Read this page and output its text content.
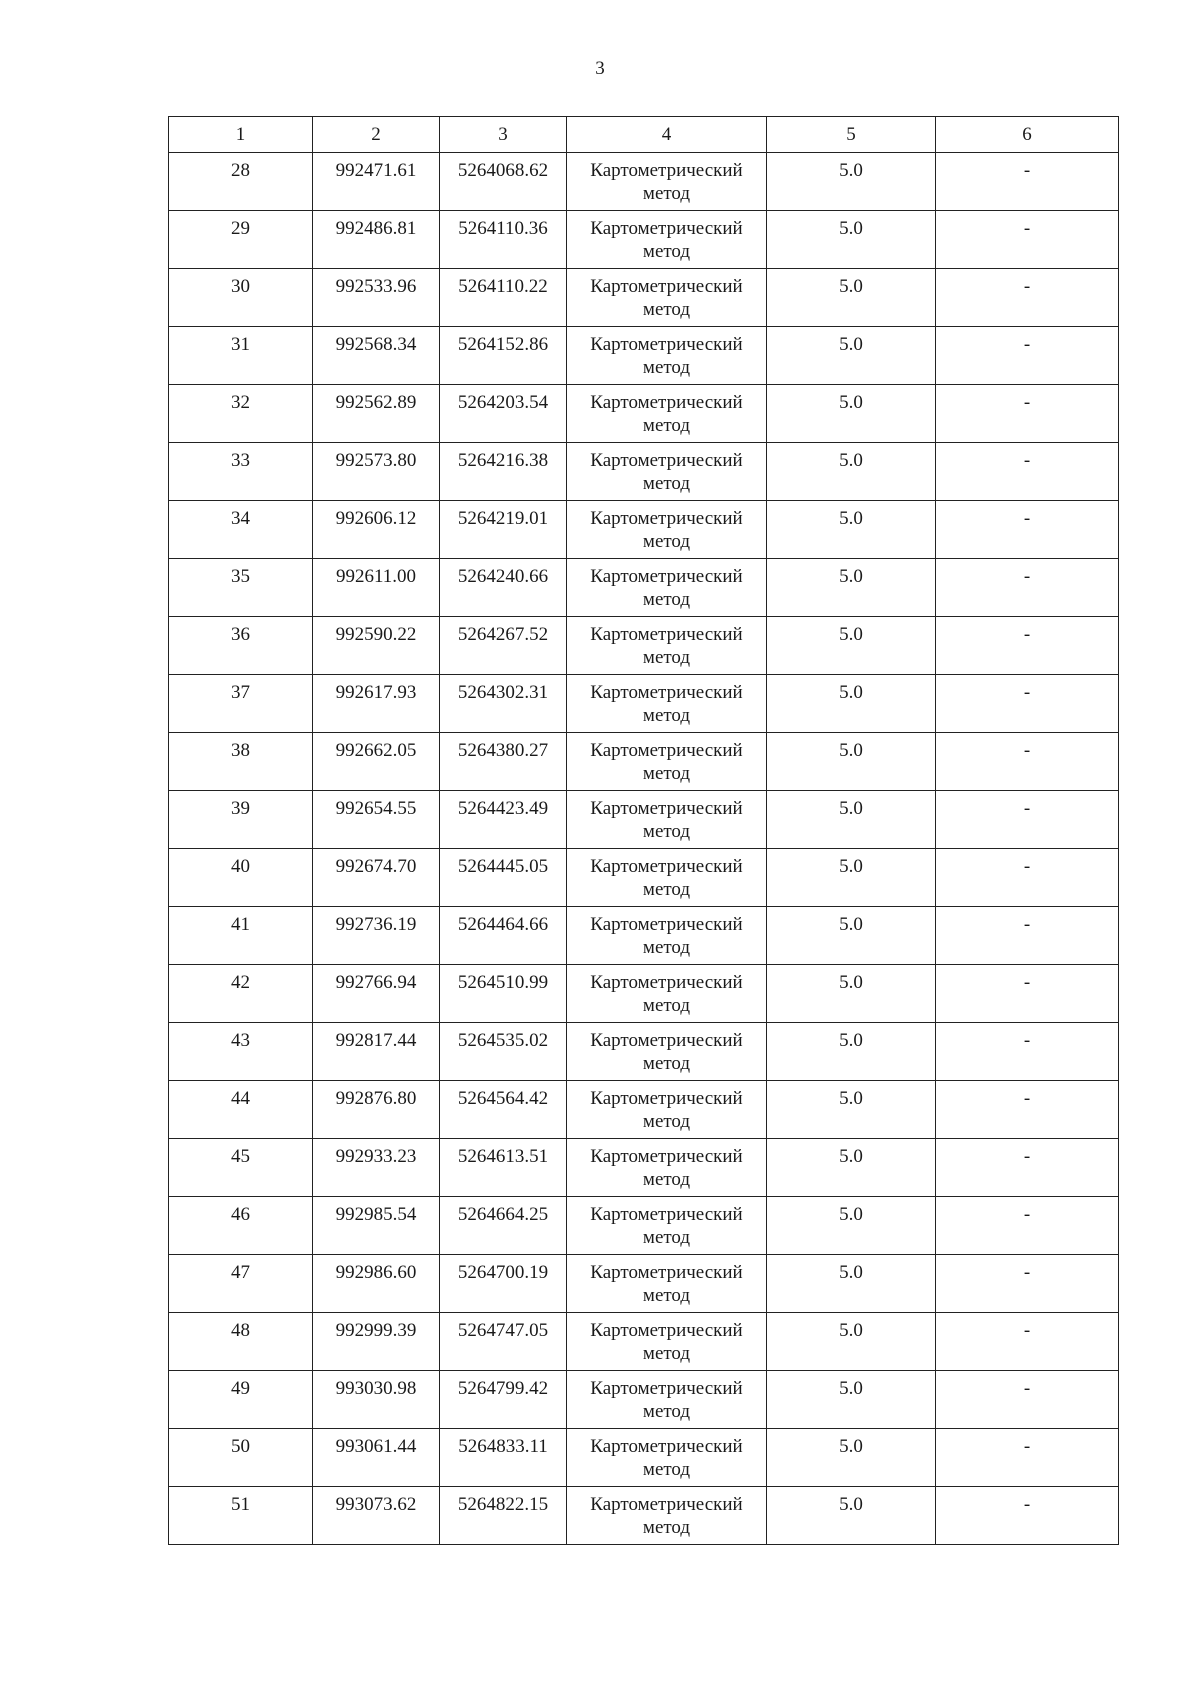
3
1	2	3	4	5	6
28	992471.61	5264068.62	Картометрический метод	5.0	-
29	992486.81	5264110.36	Картометрический метод	5.0	-
30	992533.96	5264110.22	Картометрический метод	5.0	-
31	992568.34	5264152.86	Картометрический метод	5.0	-
32	992562.89	5264203.54	Картометрический метод	5.0	-
33	992573.80	5264216.38	Картометрический метод	5.0	-
34	992606.12	5264219.01	Картометрический метод	5.0	-
35	992611.00	5264240.66	Картометрический метод	5.0	-
36	992590.22	5264267.52	Картометрический метод	5.0	-
37	992617.93	5264302.31	Картометрический метод	5.0	-
38	992662.05	5264380.27	Картометрический метод	5.0	-
39	992654.55	5264423.49	Картометрический метод	5.0	-
40	992674.70	5264445.05	Картометрический метод	5.0	-
41	992736.19	5264464.66	Картометрический метод	5.0	-
42	992766.94	5264510.99	Картометрический метод	5.0	-
43	992817.44	5264535.02	Картометрический метод	5.0	-
44	992876.80	5264564.42	Картометрический метод	5.0	-
45	992933.23	5264613.51	Картометрический метод	5.0	-
46	992985.54	5264664.25	Картометрический метод	5.0	-
47	992986.60	5264700.19	Картометрический метод	5.0	-
48	992999.39	5264747.05	Картометрический метод	5.0	-
49	993030.98	5264799.42	Картометрический метод	5.0	-
50	993061.44	5264833.11	Картометрический метод	5.0	-
51	993073.62	5264822.15	Картометрический метод	5.0	-
